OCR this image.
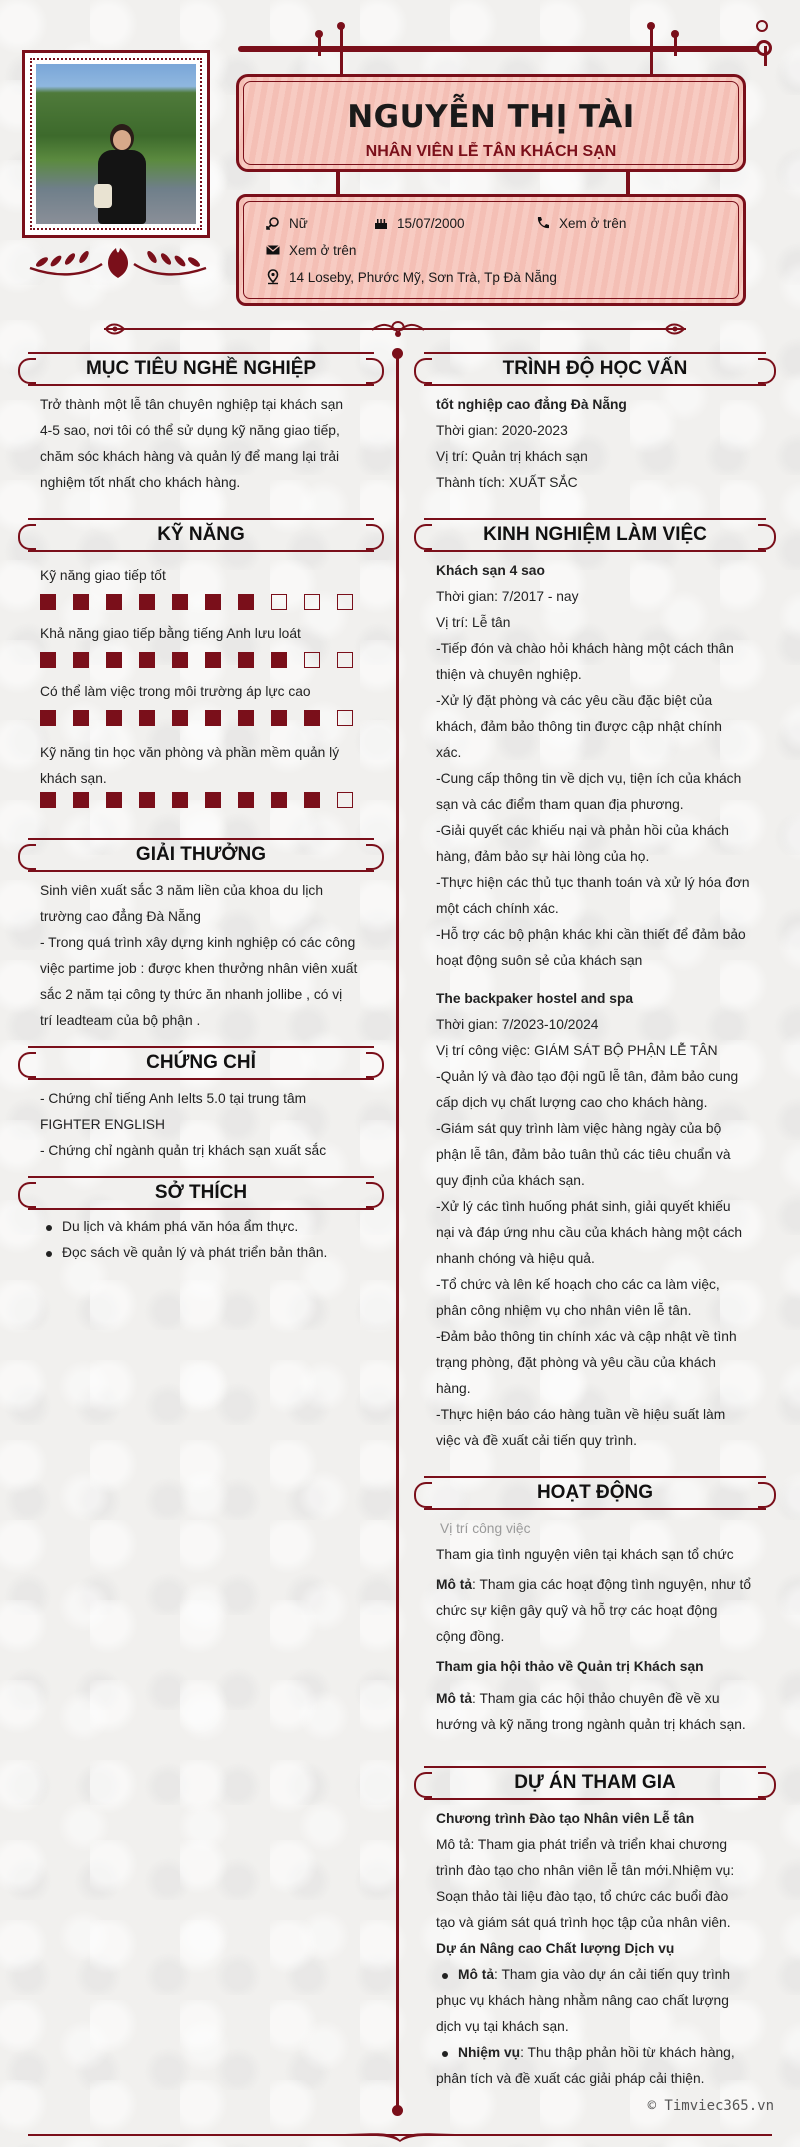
NGUYỄN THỊ TÀI
NHÂN VIÊN LỄ TÂN KHÁCH SẠN
Nữ	15/07/2000	Xem ở trên
Xem ở trên
14 Loseby, Phước Mỹ, Sơn Trà, Tp Đà Nẵng
MỤC TIÊU NGHỀ NGHIỆP
Trở thành một lễ tân chuyên nghiệp tại khách sạn
4-5 sao, nơi tôi có thể sử dụng kỹ năng giao tiếp,
chăm sóc khách hàng và quản lý để mang lại trải
nghiệm tốt nhất cho khách hàng.
KỸ NĂNG
Kỹ năng giao tiếp tốt
Khả năng giao tiếp bằng tiếng Anh lưu loát
Có thể làm việc trong môi trường áp lực cao
Kỹ năng tin học văn phòng và phần mềm quản lý
khách sạn.
GIẢI THƯỞNG
Sinh viên xuất sắc 3 năm liền của khoa du lịch
trường cao đẳng Đà Nẵng
- Trong quá trình xây dựng kinh nghiệp có các công
việc partime job : được khen thưởng nhân viên xuất
sắc 2 năm tại công ty thức ăn nhanh jollibe , có vị
trí leadteam của bộ phận .
CHỨNG CHỈ
- Chứng chỉ tiếng Anh Ielts 5.0 tại trung tâm
FIGHTER ENGLISH
- Chứng chỉ ngành quản trị khách sạn xuất sắc
SỞ THÍCH
Du lịch và khám phá văn hóa ẩm thực.
Đọc sách về quản lý và phát triển bản thân.
TRÌNH ĐỘ HỌC VẤN
tốt nghiệp cao đẳng Đà Nẵng
Thời gian: 2020-2023
Vị trí: Quản trị khách sạn
Thành tích: XUẤT SẮC
KINH NGHIỆM LÀM VIỆC
Khách sạn 4 sao
Thời gian: 7/2017 - nay
Vị trí: Lễ tân
-Tiếp đón và chào hỏi khách hàng một cách thân
thiện và chuyên nghiệp.
-Xử lý đặt phòng và các yêu cầu đặc biệt của
khách, đảm bảo thông tin được cập nhật chính
xác.
-Cung cấp thông tin về dịch vụ, tiện ích của khách
sạn và các điểm tham quan địa phương.
-Giải quyết các khiếu nại và phản hồi của khách
hàng, đảm bảo sự hài lòng của họ.
-Thực hiện các thủ tục thanh toán và xử lý hóa đơn
một cách chính xác.
-Hỗ trợ các bộ phận khác khi cần thiết để đảm bảo
hoạt động suôn sẻ của khách sạn
The backpaker hostel and spa
Thời gian: 7/2023-10/2024
Vị trí công việc: GIÁM SÁT BỘ PHẬN LỄ TÂN
-Quản lý và đào tạo đội ngũ lễ tân, đảm bảo cung
cấp dịch vụ chất lượng cao cho khách hàng.
-Giám sát quy trình làm việc hàng ngày của bộ
phận lễ tân, đảm bảo tuân thủ các tiêu chuẩn và
quy định của khách sạn.
-Xử lý các tình huống phát sinh, giải quyết khiếu
nại và đáp ứng nhu cầu của khách hàng một cách
nhanh chóng và hiệu quả.
-Tổ chức và lên kế hoạch cho các ca làm việc,
phân công nhiệm vụ cho nhân viên lễ tân.
-Đảm bảo thông tin chính xác và cập nhật về tình
trạng phòng, đặt phòng và yêu cầu của khách
hàng.
-Thực hiện báo cáo hàng tuần về hiệu suất làm
việc và đề xuất cải tiến quy trình.
HOẠT ĐỘNG
Vị trí công việc
Tham gia tình nguyện viên tại khách sạn tổ chức
Mô tả: Tham gia các hoạt động tình nguyện, như tổ
chức sự kiện gây quỹ và hỗ trợ các hoạt động
cộng đồng.
Tham gia hội thảo về Quản trị Khách sạn
Mô tả: Tham gia các hội thảo chuyên đề về xu
hướng và kỹ năng trong ngành quản trị khách sạn.
DỰ ÁN THAM GIA
Chương trình Đào tạo Nhân viên Lễ tân
Mô tả: Tham gia phát triển và triển khai chương
trình đào tạo cho nhân viên lễ tân mới.Nhiệm vụ:
Soạn thảo tài liệu đào tạo, tổ chức các buổi đào
tạo và giám sát quá trình học tập của nhân viên.
Dự án Nâng cao Chất lượng Dịch vụ
Mô tả: Tham gia vào dự án cải tiến quy trình
phục vụ khách hàng nhằm nâng cao chất lượng
dịch vụ tại khách sạn.
Nhiệm vụ: Thu thập phản hồi từ khách hàng,
phân tích và đề xuất các giải pháp cải thiện.
© Timviec365.vn
